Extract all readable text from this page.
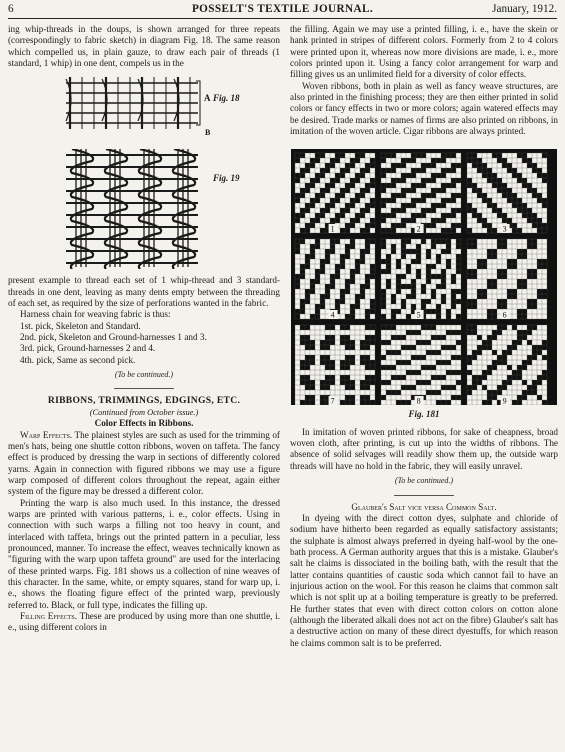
6	POSSELT'S TEXTILE JOURNAL.	January, 1912.

ing whip-threads in the doups, is shown arranged for three repeats (correspondingly to fabric sketch) in diagram Fig. 18. The same reason which compelled us, in plain gauze, to draw each pair of threads (1 standard, 1 whip) in one dent, compels us in the

A
B
Fig. 18
Fig. 19

present example to thread each set of 1 whip-thread and 3 standard-threads in one dent, leaving as many dents empty between the threading of each set, as required by the size of perforations wanted in the fabric.

Harness chain for weaving fabric is thus:

1st. pick, Skeleton and Standard.

2nd. pick, Skeleton and Ground-harnesses 1 and 3.

3rd. pick, Ground-harnesses 2 and 4.

4th. pick, Same as second pick.

(To be continued.)

RIBBONS, TRIMMINGS, EDGINGS, ETC.

(Continued from October issue.)

Color Effects in Ribbons.

Warp Effects. The plainest styles are such as used for the trimming of men's hats, being one shuttle cotton ribbons, woven on taffeta. The fancy effect is produced by dressing the warp in sections of differently colored yarns. Again in connection with figured ribbons we may use a figure warp composed of different colors throughout the repeat, again either system of the figure may be dressed a different color.

Printing the warp is also much used. In this instance, the dressed warps are printed with various patterns, i. e., color effects. Using in connection with such warps a filling not too heavy in count, and interlaced with taffeta, brings out the printed pattern in a peculiar, less pronounced, manner. To increase the effect, weaves technically known as "figuring with the warp upon taffeta ground" are used for the interlacing of these printed warps. Fig. 181 shows us a collection of nine weaves of this character. In the same, white, or empty squares, stand for warp up, i. e., shows the floating figure effect of the printed warp, previously referred to. Black, or full type, indicates the filling up.

Filling Effects. These are produced by using more than one shuttle, i. e., using different colors in

the filling. Again we may use a printed filling, i. e., have the skein or hank printed in stripes of different colors. Formerly from 2 to 4 colors were printed upon it, whereas now more divisions are made, i. e., more colors printed upon it. Using a fancy color arrangement for warp and filling gives us an unlimited field for a diversity of color effects.

Woven ribbons, both in plain as well as fancy weave structures, are also printed in the finishing process; they are then either printed in solid colors or fancy effects in two or more colors; again watered effects may be desired. Trade marks or names of firms are also printed on ribbons, in imitation of the woven article. Cigar ribbons are always printed.

1	2	3
4	5	6
7	8	9

Fig. 181

In imitation of woven printed ribbons, for sake of cheapness, broad woven cloth, after printing, is cut up into the widths of ribbons. The absence of solid selvages will readily show them up, the outside warp threads will have no hold in the fabric, they will easily unravel.

(To be continued.)

Glauber's Salt vice versa Common Salt.

In dyeing with the direct cotton dyes, sulphate and chloride of sodium have hitherto been regarded as equally satisfactory assistants; the sulphate is almost always preferred in dyeing half-wool by the one-bath process. A German authority argues that this is a mistake. Glauber's salt he claims is dissociated in the boiling bath, with the result that the latter contains quantities of caustic soda which cannot fail to have an injurious action on the wool. For this reason he claims that common salt which is not split up at a boiling temperature is greatly to be preferred. He further states that even with direct cotton colors on cotton alone (although the liberated alkali does not act on the fibre) Glauber's salt has a destructive action on many of these direct dyestuffs, for which reason he claims common salt is to be preferred.
